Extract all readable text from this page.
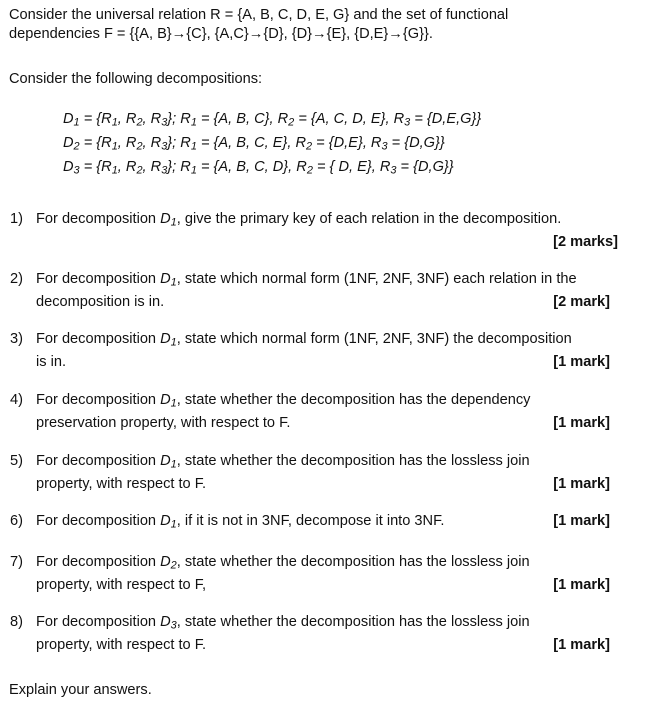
Consider the universal relation R = {A, B, C, D, E, G} and the set of functional
dependencies F = {{A, B}→{C}, {A,C}→{D}, {D}→{E}, {D,E}→{G}}.
Consider the following decompositions:
$D_1 = \{R_1$, $R_2$, $R_3$}; $R_1 = \{A$, B, C}, $R_2 = \{A$, C, D, E}, $R_3 = \{D,E,G\}$}
$D_2 = \{R_1$, $R_2$, $R_3$}; $R_1 = \{A$, B, C, E}, $R_2 = \{D,E\}$, $R_3 = \{D,G\}$}
$D_3 = \{R_1$, $R_2$, $R_3$}; $R_1 = \{A$, B, C, D}, $R_2$ = { D, E}, $R_3 = \{D,G\}$}
1) For decomposition $D_1$, give the primary key of each relation in the decomposition.
[2 marks]
2) For decomposition $D_1$, state which normal form (1NF, 2NF, 3NF) each relation in the
decomposition is in.	[2 mark]
3) For decomposition $D_1$, state which normal form (1NF, 2NF, 3NF) the decomposition
is in.	[1 mark]
4) For decomposition $D_1$, state whether the decomposition has the dependency
preservation property, with respect to F.	[1 mark]
5) For decomposition $D_1$, state whether the decomposition has the lossless join
property, with respect to F.	[1 mark]
6) For decomposition $D_1$, if it is not in 3NF, decompose it into 3NF.	[1 mark]
7) For decomposition $D_2$, state whether the decomposition has the lossless join
property, with respect to F,	[1 mark]
8) For decomposition $D_3$, state whether the decomposition has the lossless join
property, with respect to F.	[1 mark]
Explain your answers.
